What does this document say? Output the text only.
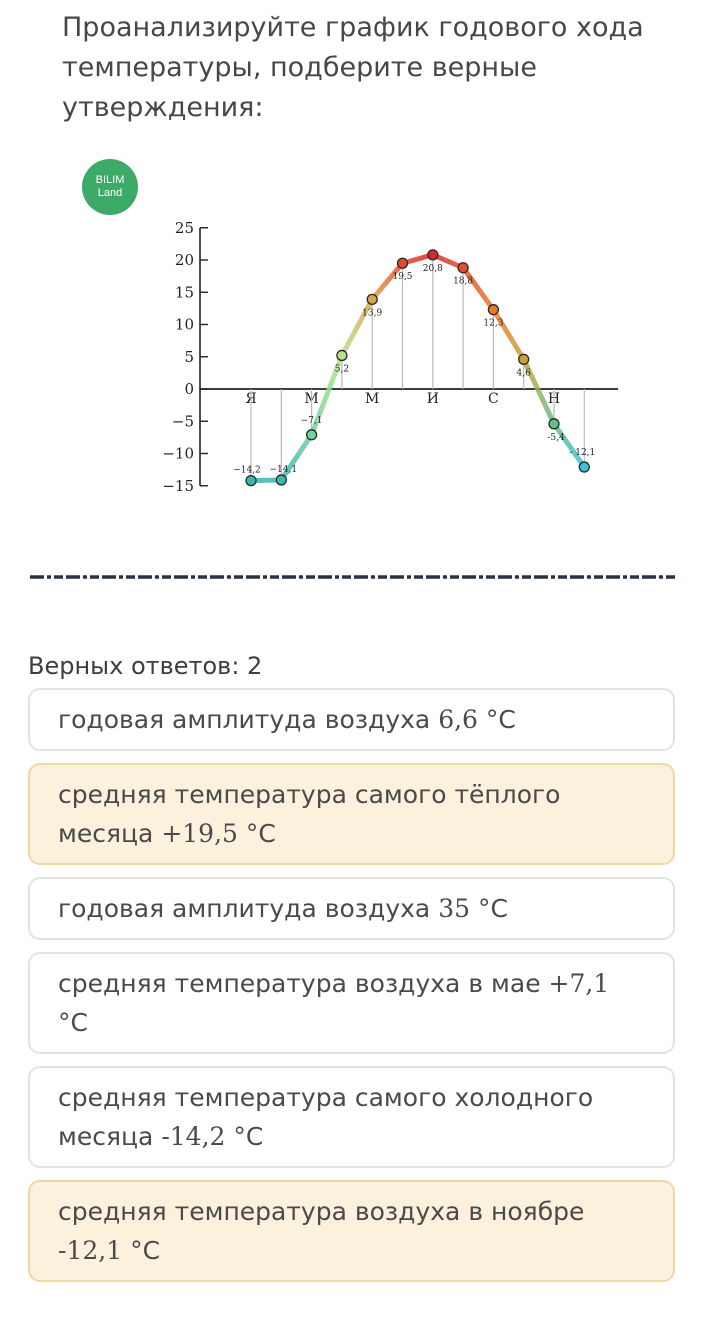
Проанализируйте график годового хода температуры, подберите верные утверждения:
BILIM
Land
25
20
15
10
5
0
−5
−10
−15
Я	М	М	И	С	Н
−14,2 −14,1
−7,1
5,2
13,9
19,5
20,8
18,8
12,3
4,6
-5,4
- 12,1
Верных ответов: 2
годовая амплитуда воздуха 6,6 °C
средняя температура самого тёплого месяца +19,5 °C
годовая амплитуда воздуха 35 °C
средняя температура воздуха в мае +7,1 °C
средняя температура самого холодного месяца -14,2 °C
средняя температура воздуха в ноябре -12,1 °C
